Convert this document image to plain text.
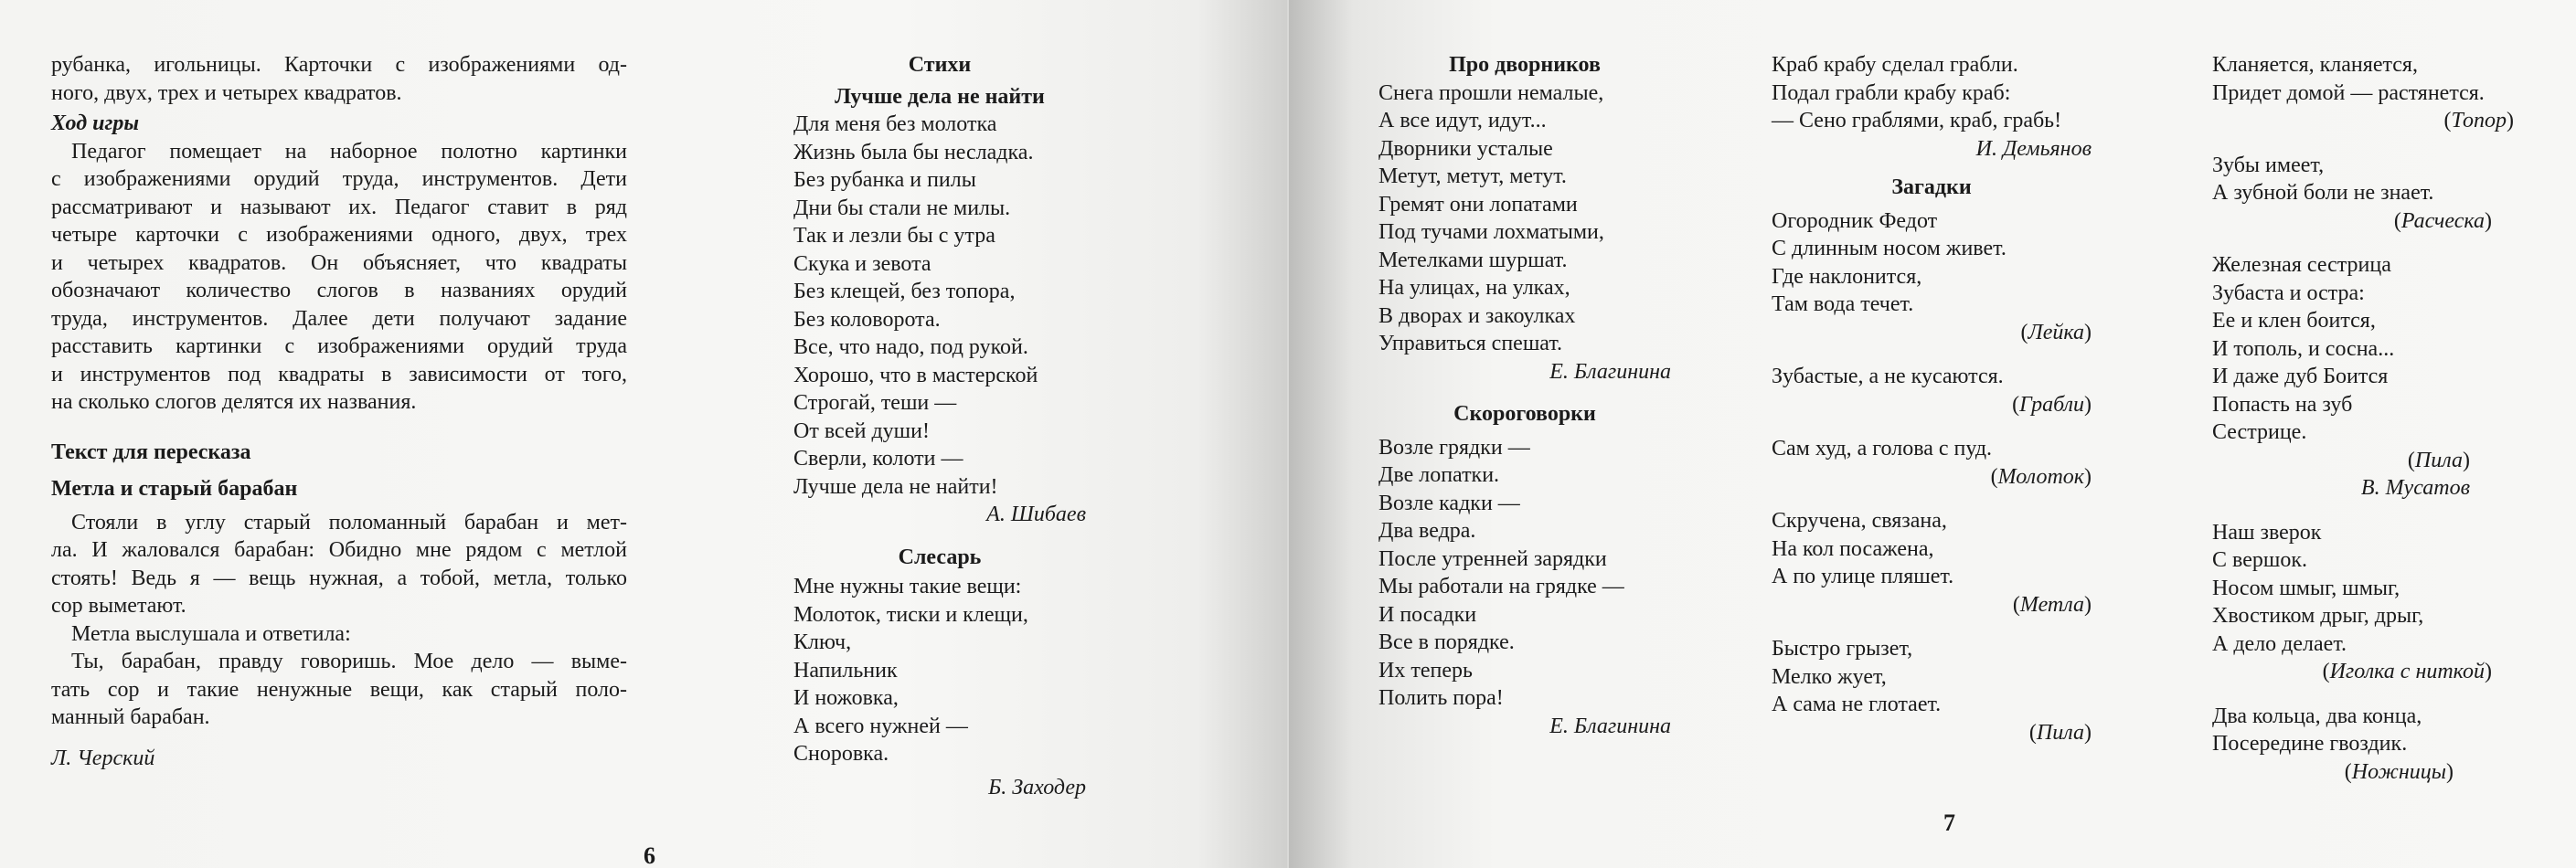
рубанка, игольницы. Карточки с изображениями од-
ного, двух, трех и четырех квадратов.
Ход игры
Педагог помещает на наборное полотно картинки
с изображениями орудий труда, инструментов. Дети
рассматривают и называют их. Педагог ставит в ряд
четыре карточки с изображениями одного, двух, трех
и четырех квадратов. Он объясняет, что квадраты
обозначают количество слогов в названиях орудий
труда, инструментов. Далее дети получают задание
расставить картинки с изображениями орудий труда
и инструментов под квадраты в зависимости от того,
на сколько слогов делятся их названия.
Текст для пересказа
Метла и старый барабан
Стояли в углу старый поломанный барабан и мет-
ла. И жаловался барабан: Обидно мне рядом с метлой
стоять! Ведь я — вещь нужная, а тобой, метла, только
сор выметают.
Метла выслушала и ответила:
Ты, барабан, правду говоришь. Мое дело — выме-
тать сор и такие ненужные вещи, как старый поло-
манный барабан.
Л. Черский
Стихи
Лучше дела не найти
Для меня без молотка
Жизнь была бы несладка.
Без рубанка и пилы
Дни бы стали не милы.
Так и лезли бы с утра
Скука и зевота
Без клещей, без топора,
Без коловорота.
Все, что надо, под рукой.
Хорошо, что в мастерской
Строгай, теши —
От всей души!
Сверли, колоти —
Лучше дела не найти!
А. Шибаев
Слесарь
Мне нужны такие вещи:
Молоток, тиски и клещи,
Ключ,
Напильник
И ножовка,
А всего нужней —
Сноровка.
Б. Заходер
6
Про дворников
Снега прошли немалые,
А все идут, идут...
Дворники усталые
Метут, метут, метут.
Гремят они лопатами
Под тучами лохматыми,
Метелками шуршат.
На улицах, на улках,
В дворах и закоулках
Управиться спешат.
Е. Благинина
Скороговорки
Возле грядки —
Две лопатки.
Возле кадки —
Два ведра.
После утренней зарядки
Мы работали на грядке —
И посадки
Все в порядке.
Их теперь
Полить пора!
Е. Благинина
Краб крабу сделал грабли.
Подал грабли крабу краб:
— Сено граблями, краб, грабь!
И. Демьянов
Загадки
Огородник Федот
С длинным носом живет.
Где наклонится,
Там вода течет.
(Лейка)
Зубастые, а не кусаются.
(Грабли)
Сам худ, а голова с пуд.
(Молоток)
Скручена, связана,
На кол посажена,
А по улице пляшет.
(Метла)
Быстро грызет,
Мелко жует,
А сама не глотает.
(Пила)
Кланяется, кланяется,
Придет домой — растянется.
(Топор)
Зубы имеет,
А зубной боли не знает.
(Расческа)
Железная сестрица
Зубаста и остра:
Ее и клен боится,
И тополь, и сосна...
И даже дуб Боится
Попасть на зуб
Сестрице.
(Пила)
В. Мусатов
Наш зверок
С вершок.
Носом шмыг, шмыг,
Хвостиком дрыг, дрыг,
А дело делает.
(Иголка с ниткой)
Два кольца, два конца,
Посередине гвоздик.
(Ножницы)
7
